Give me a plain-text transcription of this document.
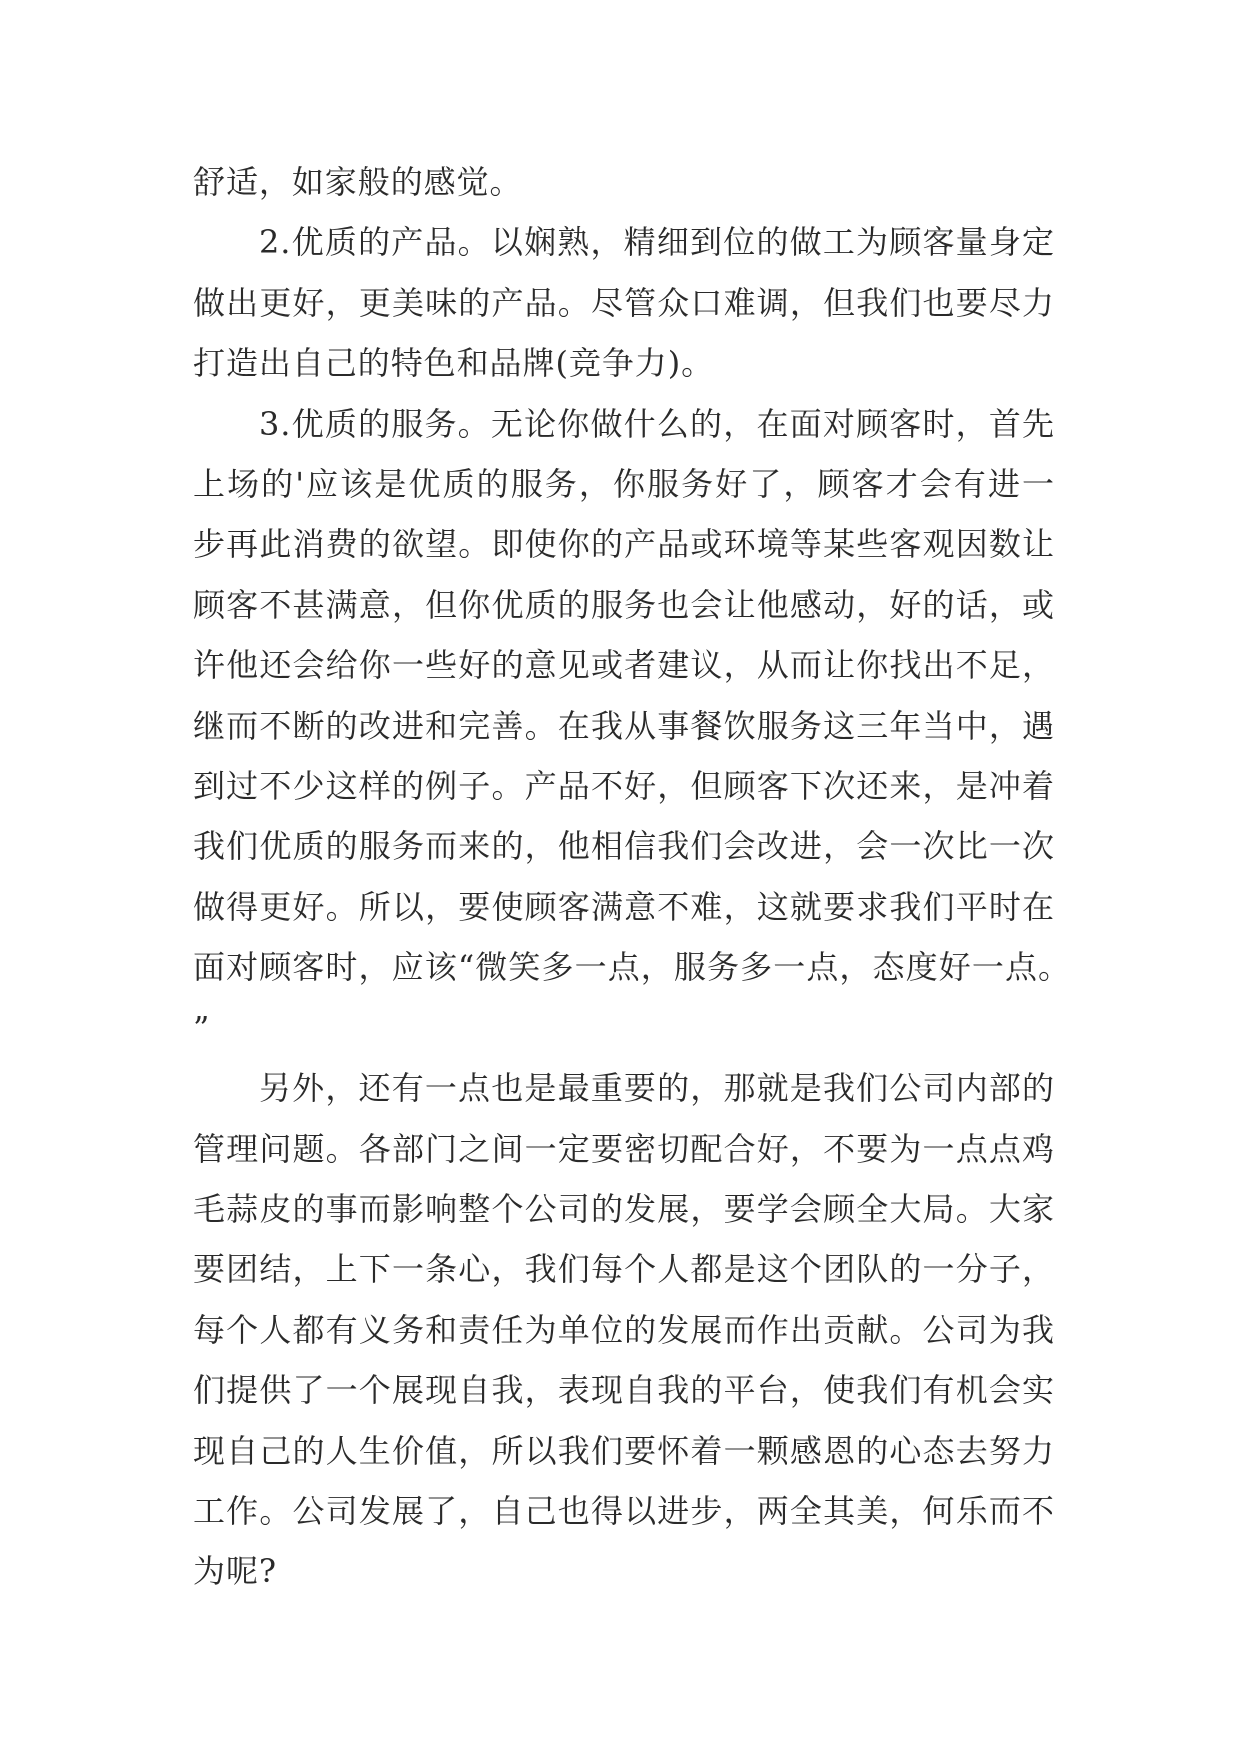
舒适，如家般的感觉。

2.优质的产品。以娴熟，精细到位的做工为顾客量身定做出更好，更美味的产品。尽管众口难调，但我们也要尽力打造出自己的特色和品牌(竞争力)。

3.优质的服务。无论你做什么的，在面对顾客时，首先上场的'应该是优质的服务，你服务好了，顾客才会有进一步再此消费的欲望。即使你的产品或环境等某些客观因数让顾客不甚满意，但你优质的服务也会让他感动，好的话，或许他还会给你一些好的意见或者建议，从而让你找出不足，继而不断的改进和完善。在我从事餐饮服务这三年当中，遇到过不少这样的例子。产品不好，但顾客下次还来，是冲着我们优质的服务而来的，他相信我们会改进，会一次比一次做得更好。所以，要使顾客满意不难，这就要求我们平时在面对顾客时，应该“微笑多一点，服务多一点，态度好一点。”

另外，还有一点也是最重要的，那就是我们公司内部的管理问题。各部门之间一定要密切配合好，不要为一点点鸡毛蒜皮的事而影响整个公司的发展，要学会顾全大局。大家要团结，上下一条心，我们每个人都是这个团队的一分子，每个人都有义务和责任为单位的发展而作出贡献。公司为我们提供了一个展现自我，表现自我的平台，使我们有机会实现自己的人生价值，所以我们要怀着一颗感恩的心态去努力工作。公司发展了，自己也得以进步，两全其美，何乐而不为呢?
